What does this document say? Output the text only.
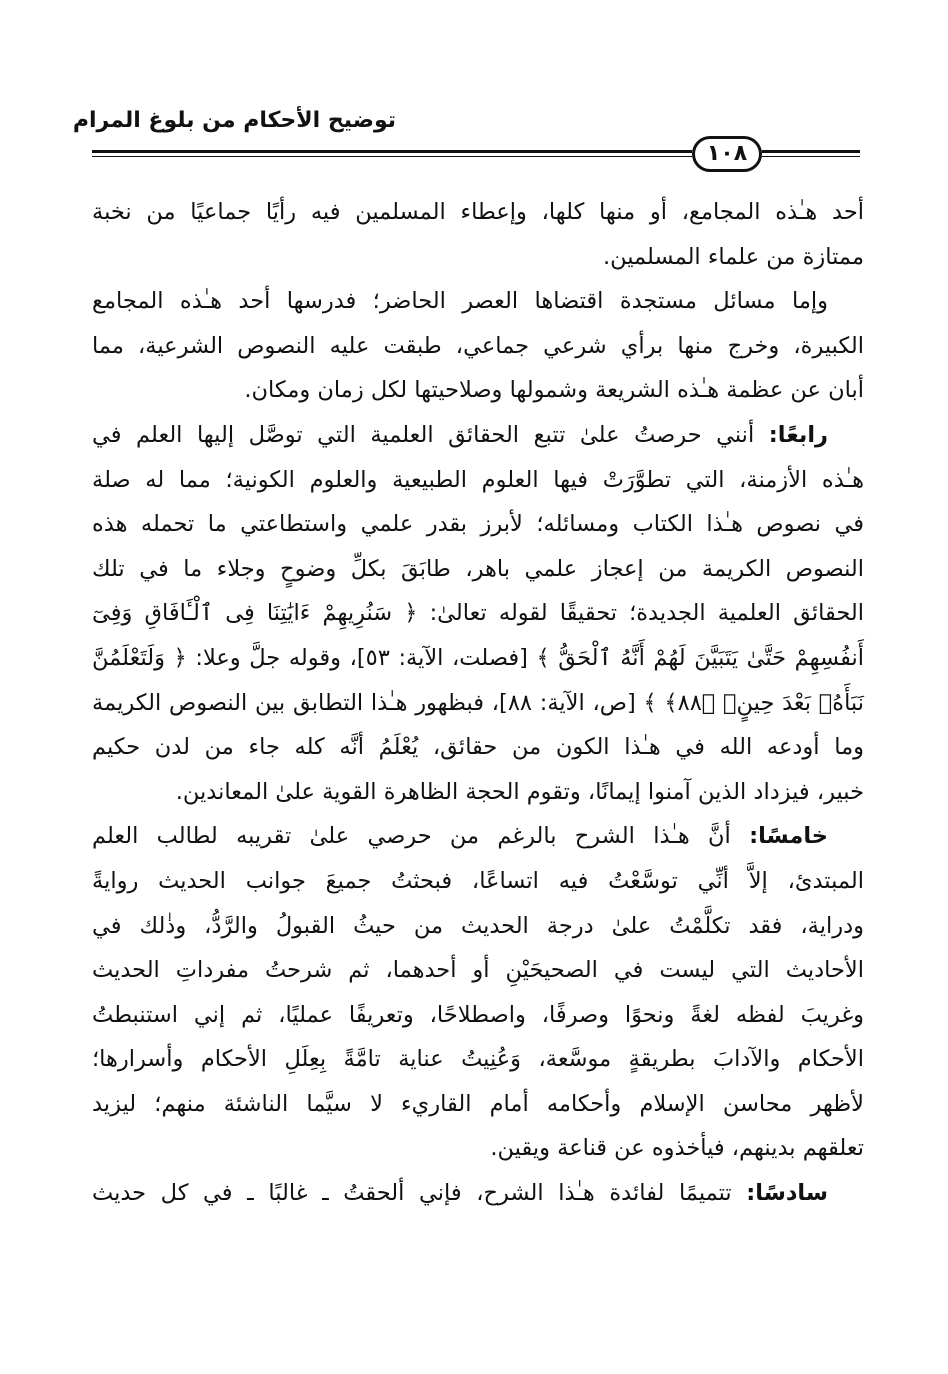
توضيح الأحكام من بلوغ المرام
١٠٨

أحد هـٰذه المجامع، أو منها كلها، وإعطاء المسلمين فيه رأيًا جماعيًا من نخبة
ممتازة من علماء المسلمين.

وإما مسائل مستجدة اقتضاها العصر الحاضر؛ فدرسها أحد هـٰذه المجامع
الكبيرة، وخرج منها برأي شرعي جماعي، طبقت عليه النصوص الشرعية، مما
أبان عن عظمة هـٰذه الشريعة وشمولها وصلاحيتها لكل زمان ومكان.

رابعًا: أنني حرصتُ علىٰ تتبع الحقائق العلمية التي توصَّل إليها العلم في
هـٰذه الأزمنة، التي تطوَّرَتْ فيها العلوم الطبيعية والعلوم الكونية؛ مما له صلة
في نصوص هـٰذا الكتاب ومسائله؛ لأبرز بقدر علمي واستطاعتي ما تحمله هذه
النصوص الكريمة من إعجاز علمي باهر، طابَقَ بكلِّ وضوحٍ وجلاء ما في تلك
الحقائق العلمية الجديدة؛ تحقيقًا لقوله تعالىٰ: ﴿ سَنُرِيهِمْ ءَايَٰتِنَا فِى ٱلْـَٔافَاقِ وَفِىٓ
أَنفُسِهِمْ حَتَّىٰ يَتَبَيَّنَ لَهُمْ أَنَّهُ ٱلْحَقُّ ﴾ [فصلت، الآية: ٥٣]، وقوله جلَّ وعلا: ﴿ وَلَتَعْلَمُنَّ
نَبَأَهُۥ بَعْدَ حِينٍۭ ﴿٨٨﴾ ﴾ [ص، الآية: ٨٨]، فبظهور هـٰذا التطابق بين النصوص الكريمة
وما أودعه الله في هـٰذا الكون من حقائق، يُعْلَمُ أنَّه كله جاء من لدن حكيم
خبير، فيزداد الذين آمنوا إيمانًا، وتقوم الحجة الظاهرة القوية علىٰ المعاندين.

خامسًا: أنَّ هـٰذا الشرح بالرغم من حرصي علىٰ تقريبه لطالب العلم
المبتدئ، إلاَّ أنِّي توسَّعْتُ فيه اتساعًا، فبحثتُ جميعَ جوانب الحديث روايةً
ودراية، فقد تكلَّمْتُ علىٰ درجة الحديث من حيثُ القبولُ والرَّدُّ، وذٰلك في
الأحاديث التي ليست في الصحيحَيْنِ أو أحدهما، ثم شرحتُ مفرداتِ الحديث
وغريبَ لفظه لغةً ونحوًا وصرفًا، واصطلاحًا، وتعريفًا عمليًا، ثم إني استنبطتُ
الأحكام والآدابَ بطريقةٍ موسَّعة، وَعُنِيتُ عناية تامَّةً بِعِلَلِ الأحكام وأسرارها؛
لأظهر محاسن الإسلام وأحكامه أمام القاريء لا سيَّما الناشئة منهم؛ ليزيد
تعلقهم بدينهم، فيأخذوه عن قناعة ويقين.

سادسًا: تتميمًا لفائدة هـٰذا الشرح، فإني ألحقتُ ـ غالبًا ـ في كل حديث
